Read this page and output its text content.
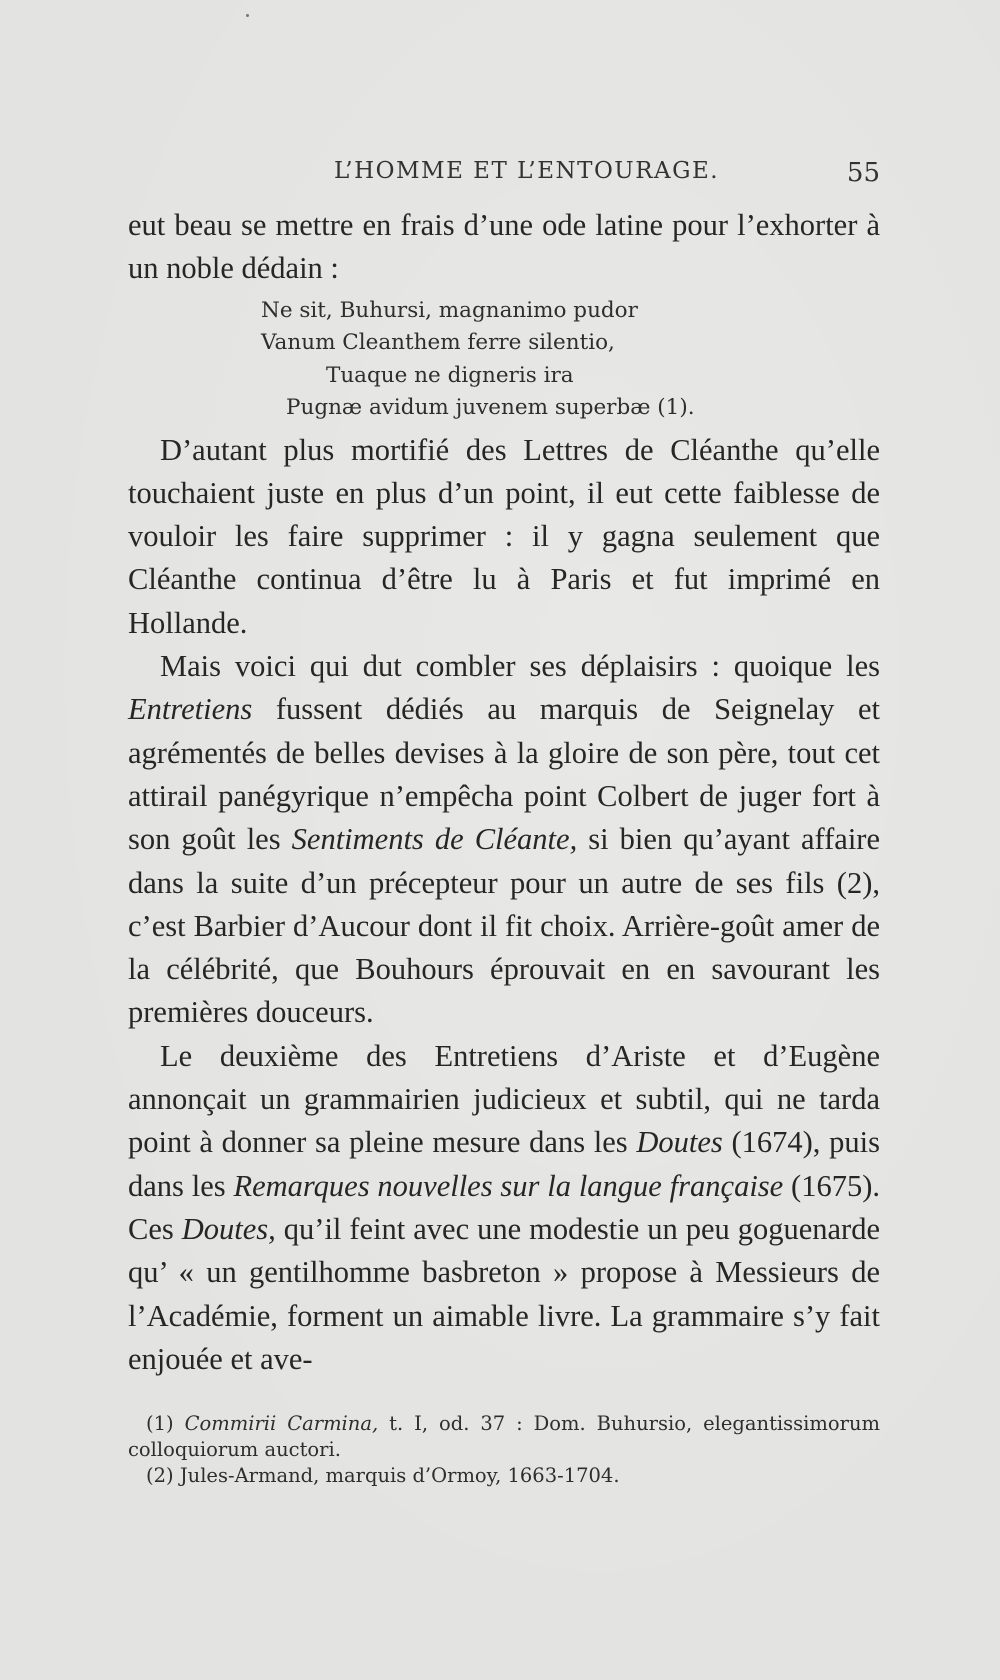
L’HOMME ET L’ENTOURAGE.	55

eut beau se mettre en frais d’une ode latine pour l’exhorter à un noble dédain :

Ne sit, Buhursi, magnanimo pudor
Vanum Cleanthem ferre silentio,
Tuaque ne digneris ira
Pugnæ avidum juvenem superbæ (1).

D’autant plus mortifié des Lettres de Cléanthe qu’elle touchaient juste en plus d’un point, il eut cette faiblesse de vouloir les faire supprimer : il y gagna seulement que Cléanthe continua d’être lu à Paris et fut imprimé en Hollande.

Mais voici qui dut combler ses déplaisirs : quoique les Entretiens fussent dédiés au marquis de Seignelay et agrémentés de belles devises à la gloire de son père, tout cet attirail panégyrique n’empêcha point Colbert de juger fort à son goût les Sentiments de Cléante, si bien qu’ayant affaire dans la suite d’un précepteur pour un autre de ses fils (2), c’est Barbier d’Aucour dont il fit choix. Arrière-goût amer de la célébrité, que Bouhours éprouvait en en savourant les premières douceurs.

Le deuxième des Entretiens d’Ariste et d’Eugène annonçait un grammairien judicieux et subtil, qui ne tarda point à donner sa pleine mesure dans les Doutes (1674), puis dans les Remarques nouvelles sur la langue française (1675). Ces Doutes, qu’il feint avec une modestie un peu goguenarde qu’ « un gentilhomme basbreton » propose à Messieurs de l’Académie, forment un aimable livre. La grammaire s’y fait enjouée et ave-

(1) Commirii Carmina, t. I, od. 37 : Dom. Buhursio, elegantissimorum colloquiorum auctori.

(2) Jules-Armand, marquis d’Ormoy, 1663-1704.
